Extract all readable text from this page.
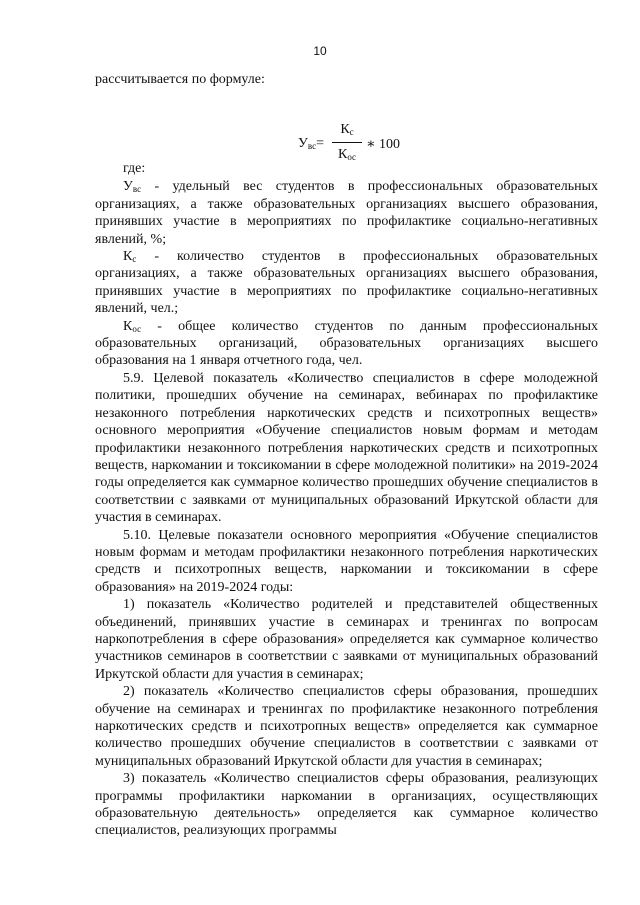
10
рассчитывается по формуле:
$У_{вс}=$
$К_с$
$К_{ос}$
∗ 100

где:

$У_{вс}$ - удельный вес студентов в профессиональных образовательных организациях, а также образовательных организациях высшего образования, принявших участие в мероприятиях по профилактике социально-негативных явлений, %;

$К_с$ - количество студентов в профессиональных образовательных организациях, а также образовательных организациях высшего образования, принявших участие в мероприятиях по профилактике социально-негативных явлений, чел.;

$К_{ос}$ - общее количество студентов по данным профессиональных образовательных организаций, образовательных организациях высшего образования на 1 января отчетного года, чел.

5.9. Целевой показатель «Количество специалистов в сфере молодежной политики, прошедших обучение на семинарах, вебинарах по профилактике незаконного потребления наркотических средств и психотропных веществ» основного мероприятия «Обучение специалистов новым формам и методам профилактики незаконного потребления наркотических средств и психотропных веществ, наркомании и токсикомании в сфере молодежной политики» на 2019-2024 годы определяется как суммарное количество прошедших обучение специалистов в соответствии с заявками от муниципальных образований Иркутской области для участия в семинарах.

5.10. Целевые показатели основного мероприятия «Обучение специалистов новым формам и методам профилактики незаконного потребления наркотических средств и психотропных веществ, наркомании и токсикомании в сфере образования» на 2019-2024 годы:

1) показатель «Количество родителей и представителей общественных объединений, принявших участие в семинарах и тренингах по вопросам наркопотребления в сфере образования» определяется как суммарное количество участников семинаров в соответствии с заявками от муниципальных образований Иркутской области для участия в семинарах;

2) показатель «Количество специалистов сферы образования, прошедших обучение на семинарах и тренингах по профилактике незаконного потребления наркотических средств и психотропных веществ» определяется как суммарное количество прошедших обучение специалистов в соответствии с заявками от муниципальных образований Иркутской области для участия в семинарах;

3) показатель «Количество специалистов сферы образования, реализующих программы профилактики наркомании в организациях, осуществляющих образовательную деятельность» определяется как суммарное количество специалистов, реализующих программы
